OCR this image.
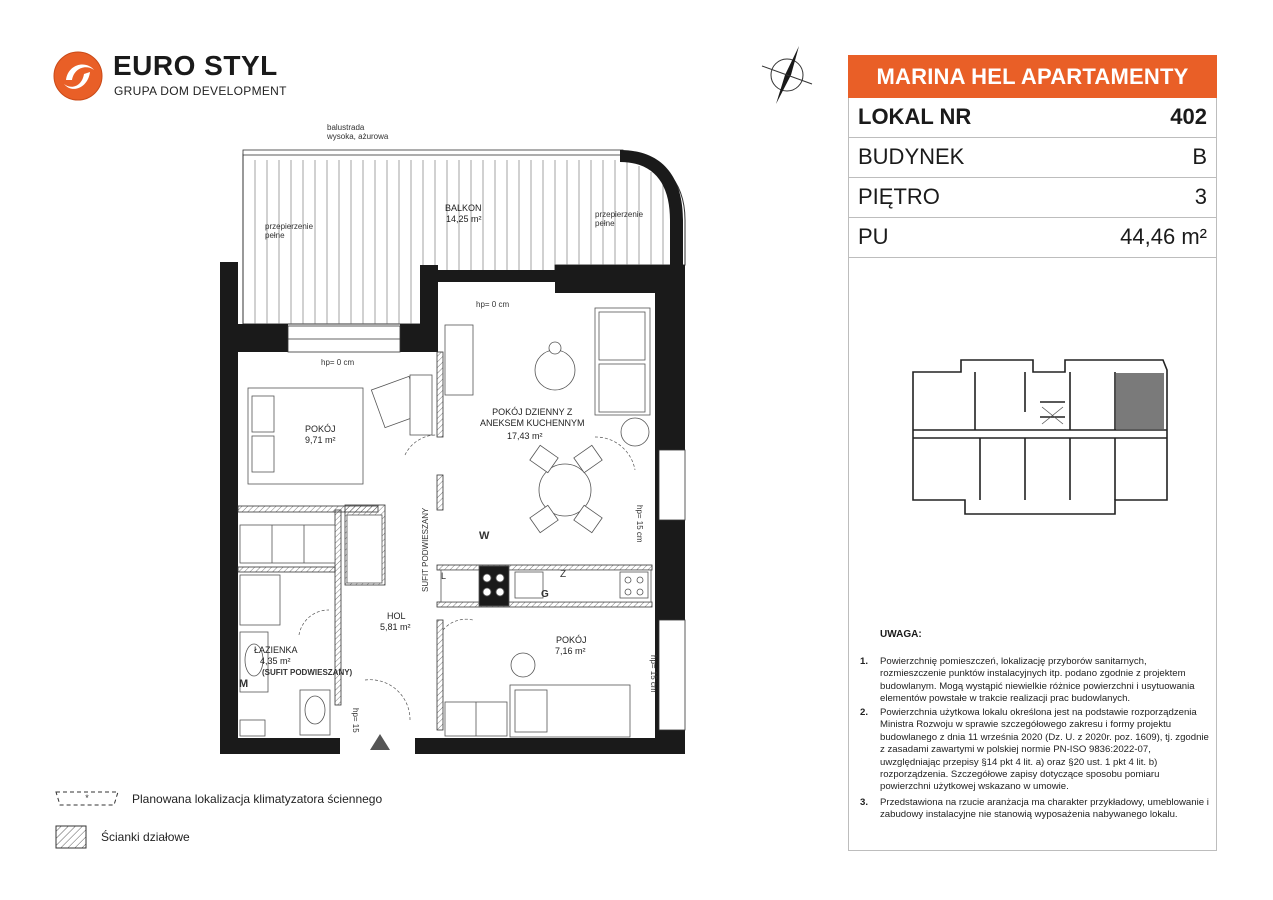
EURO STYL
GRUPA DOM DEVELOPMENT
MARINA HEL APARTAMENTY
LOKAL NR	402
BUDYNEK	B
PIĘTRO	3
PU	44,46 m²
UWAGA:
1. Powierzchnię pomieszczeń, lokalizację przyborów sanitarnych, rozmieszczenie punktów instalacyjnych itp. podano zgodnie z projektem budowlanym. Mogą wystąpić niewielkie różnice powierzchni i usytuowania elementów powstałe w trakcie realizacji prac budowlanych.
2. Powierzchnia użytkowa lokalu określona jest na podstawie rozporządzenia Ministra Rozwoju w sprawie szczegółowego zakresu i formy projektu budowlanego z dnia 11 września 2020 (Dz. U. z 2020r. poz. 1609), tj. zgodnie z zasadami zawartymi w polskiej normie PN-ISO 9836:2022-07, uwzględniając przepisy §14 pkt 4 lit. a) oraz §20 ust. 1 pkt 4 lit. b) rozporządzenia. Szczegółowe zapisy dotyczące sposobu pomiaru powierzchni użytkowej wskazano w umowie.
3. Przedstawiona na rzucie aranżacja ma charakter przykładowy, umeblowanie i zabudowy instalacyjne nie stanowią wyposażenia nabywanego lokalu.
*	Planowana lokalizacja klimatyzatora ściennego
Ścianki działowe
balustrada
wysoka, ażurowa
BALKON
14,25 m²
przepierzenie
pełne
przepierzenie
pełne
hp= 0 cm
hp= 0 cm
POKÓJ DZIENNY Z
ANEKSEM KUCHENNYM
17,43 m²
POKÓJ
9,71 m²
POKÓJ
7,16 m²
HOL
5,81 m²
ŁAZIENKA
4,35 m²
(SUFIT PODWIESZANY)
SUFIT PODWIESZANY	hp= 15 cm
hp= 15 cm
hp= 15
W
M
G
Z
L
